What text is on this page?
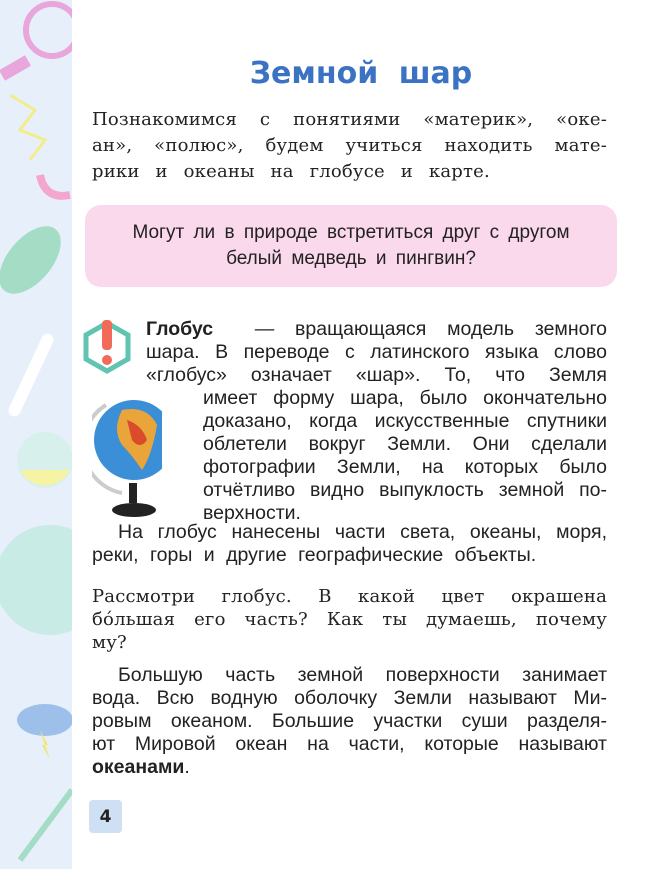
Земной шар
Познакомимся с понятиями «материк», «оке-
ан», «полюс», будем учиться находить мате-
рики и океаны на глобусе и карте.
Могут ли в природе встретиться друг с другом
белый медведь и пингвин?
Глобус — вращающаяся модель земного
шара. В переводе с латинского языка слово
«глобус» означает «шар». То, что Земля
имеет форму шара, было окончательно
доказано, когда искусственные спутники
облетели вокруг Земли. Они сделали
фотографии Земли, на которых было
отчётливо видно выпуклость земной по-
верхности.
На глобус нанесены части света, океаны, моря,
реки, горы и другие географические объекты.
Рассмотри глобус. В какой цвет окрашена
бóльшая его часть? Как ты думаешь, почему
му?
Большую часть земной поверхности занимает
вода. Всю водную оболочку Земли называют Ми-
ровым океаном. Большие участки суши разделя-
ют Мировой океан на части, которые называют
океанами.
4
